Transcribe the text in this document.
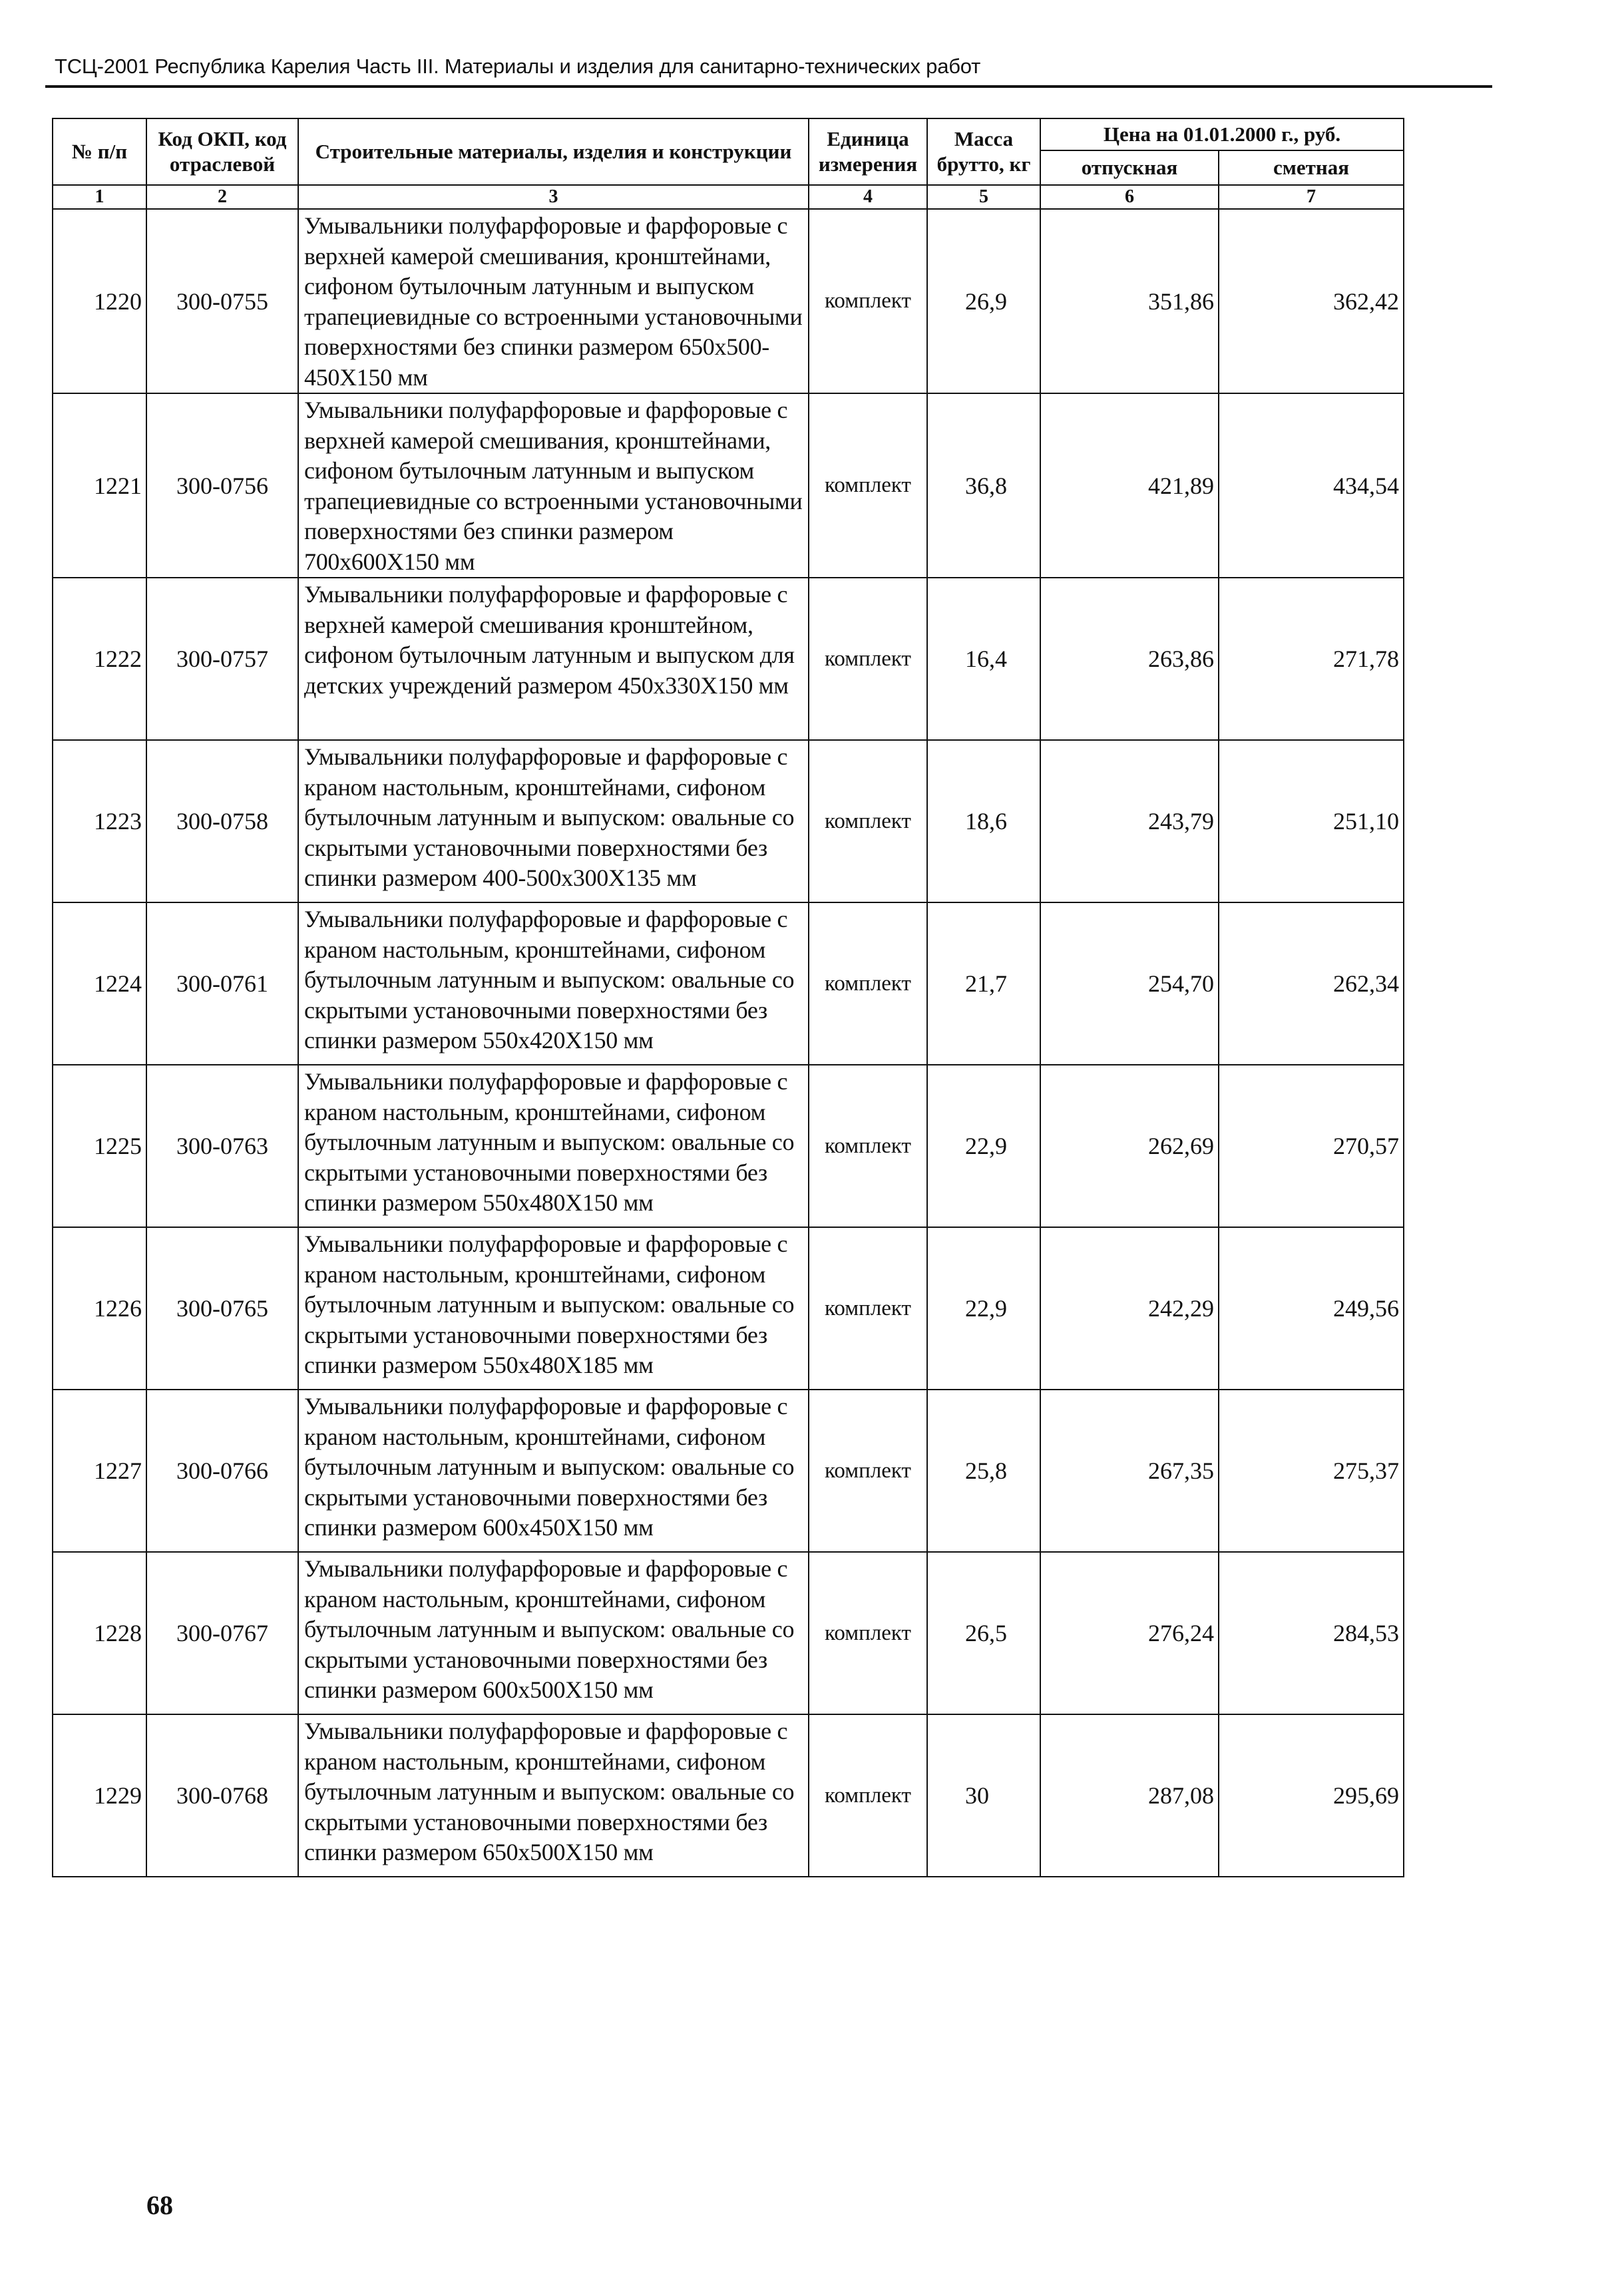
ТСЦ-2001 Республика Карелия Часть III. Материалы и изделия для санитарно-технических работ
№ п/п	Код ОКП, код отраслевой	Строительные материалы, изделия и конструкции	Единица измерения	Масса брутто, кг	Цена на 01.01.2000 г., руб.	
					отпускная	сметная
1	2	3	4	5	6	7
1220	300-0755	Умывальники полуфарфоровые и фарфоровые с верхней камерой смешивания, кронштейнами, сифоном бутылочным латунным и выпуском трапециевидные со встроенными установочными поверхностями без спинки размером 650х500-450Х150 мм	комплект	26,9	351,86	362,42
1221	300-0756	Умывальники полуфарфоровые и фарфоровые с верхней камерой смешивания, кронштейнами, сифоном бутылочным латунным и выпуском трапециевидные со встроенными установочными поверхностями без спинки размером 700х600Х150 мм	комплект	36,8	421,89	434,54
1222	300-0757	Умывальники полуфарфоровые и фарфоровые с верхней камерой смешивания кронштейном, сифоном бутылочным латунным и выпуском для детских учреждений размером 450х330Х150 мм	комплект	16,4	263,86	271,78
1223	300-0758	Умывальники полуфарфоровые и фарфоровые с краном настольным, кронштейнами, сифоном бутылочным латунным и выпуском: овальные со скрытыми установочными поверхностями без спинки размером 400-500х300Х135 мм	комплект	18,6	243,79	251,10
1224	300-0761	Умывальники полуфарфоровые и фарфоровые с краном настольным, кронштейнами, сифоном бутылочным латунным и выпуском: овальные со скрытыми установочными поверхностями без спинки размером 550х420Х150 мм	комплект	21,7	254,70	262,34
1225	300-0763	Умывальники полуфарфоровые и фарфоровые с краном настольным, кронштейнами, сифоном бутылочным латунным и выпуском: овальные со скрытыми установочными поверхностями без спинки размером 550х480Х150 мм	комплект	22,9	262,69	270,57
1226	300-0765	Умывальники полуфарфоровые и фарфоровые с краном настольным, кронштейнами, сифоном бутылочным латунным и выпуском: овальные со скрытыми установочными поверхностями без спинки размером 550х480Х185 мм	комплект	22,9	242,29	249,56
1227	300-0766	Умывальники полуфарфоровые и фарфоровые с краном настольным, кронштейнами, сифоном бутылочным латунным и выпуском: овальные со скрытыми установочными поверхностями без спинки размером 600х450Х150 мм	комплект	25,8	267,35	275,37
1228	300-0767	Умывальники полуфарфоровые и фарфоровые с краном настольным, кронштейнами, сифоном бутылочным латунным и выпуском: овальные со скрытыми установочными поверхностями без спинки размером 600х500Х150 мм	комплект	26,5	276,24	284,53
1229	300-0768	Умывальники полуфарфоровые и фарфоровые с краном настольным, кронштейнами, сифоном бутылочным латунным и выпуском: овальные со скрытыми установочными поверхностями без спинки размером 650х500Х150 мм	комплект	30	287,08	295,69
68
